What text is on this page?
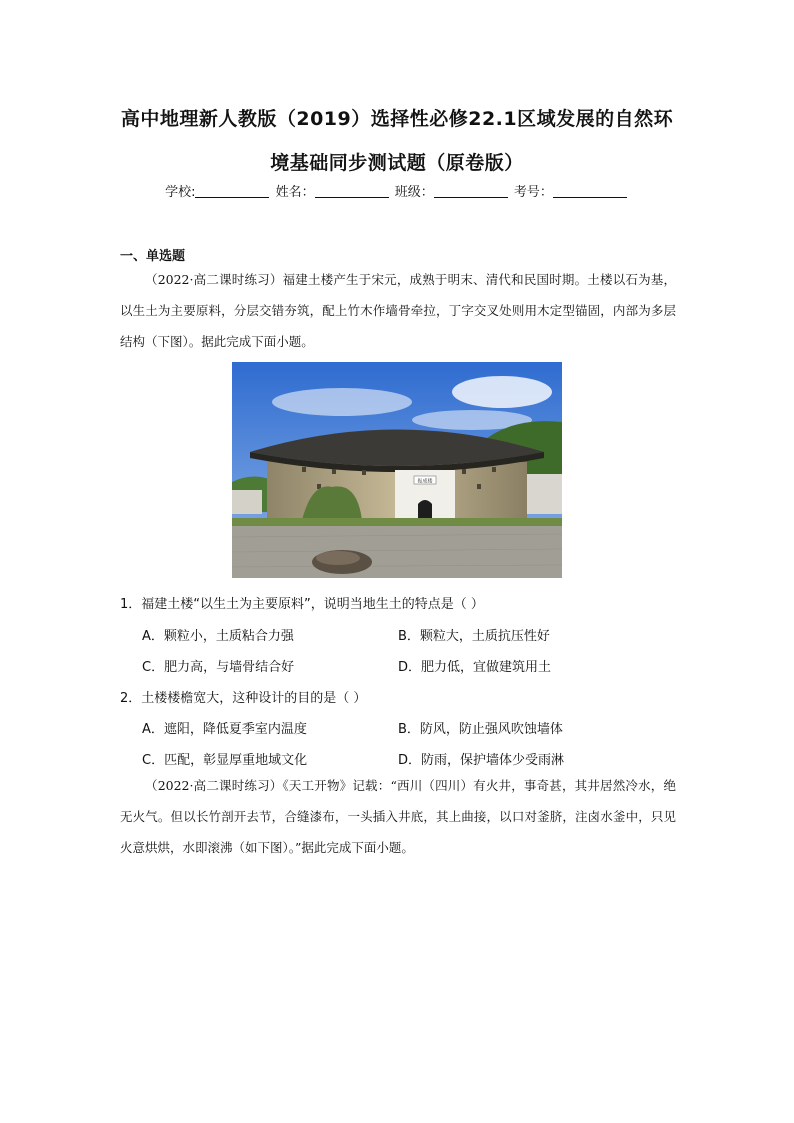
高中地理新人教版（2019）选择性必修22.1区域发展的自然环
境基础同步测试题（原卷版）
学校:	姓名：	班级：	考号：
一、单选题
（2022·高二课时练习）福建土楼产生于宋元，成熟于明末、清代和民国时期。土楼以石为基，以生土为主要原料，分层交错夯筑，配上竹木作墙骨牵拉，丁字交叉处则用木定型锚固，内部为多层结构（下图）。据此完成下面小题。
振成楼
1．福建土楼“以生土为主要原料”，说明当地生土的特点是（ ）
A．颗粒小，土质粘合力强	B．颗粒大，土质抗压性好
C．肥力高，与墙骨结合好	D．肥力低，宜做建筑用土
2．土楼楼檐宽大，这种设计的目的是（ ）
A．遮阳，降低夏季室内温度	B．防风，防止强风吹蚀墙体
C．匹配，彰显厚重地域文化	D．防雨，保护墙体少受雨淋
（2022·高二课时练习）《天工开物》记载：“西川（四川）有火井，事奇甚，其井居然冷水，绝无火气。但以长竹剖开去节，合缝漆布，一头插入井底，其上曲接，以口对釜脐，注卤水釜中，只见火意烘烘，水即滚沸（如下图）。”据此完成下面小题。
